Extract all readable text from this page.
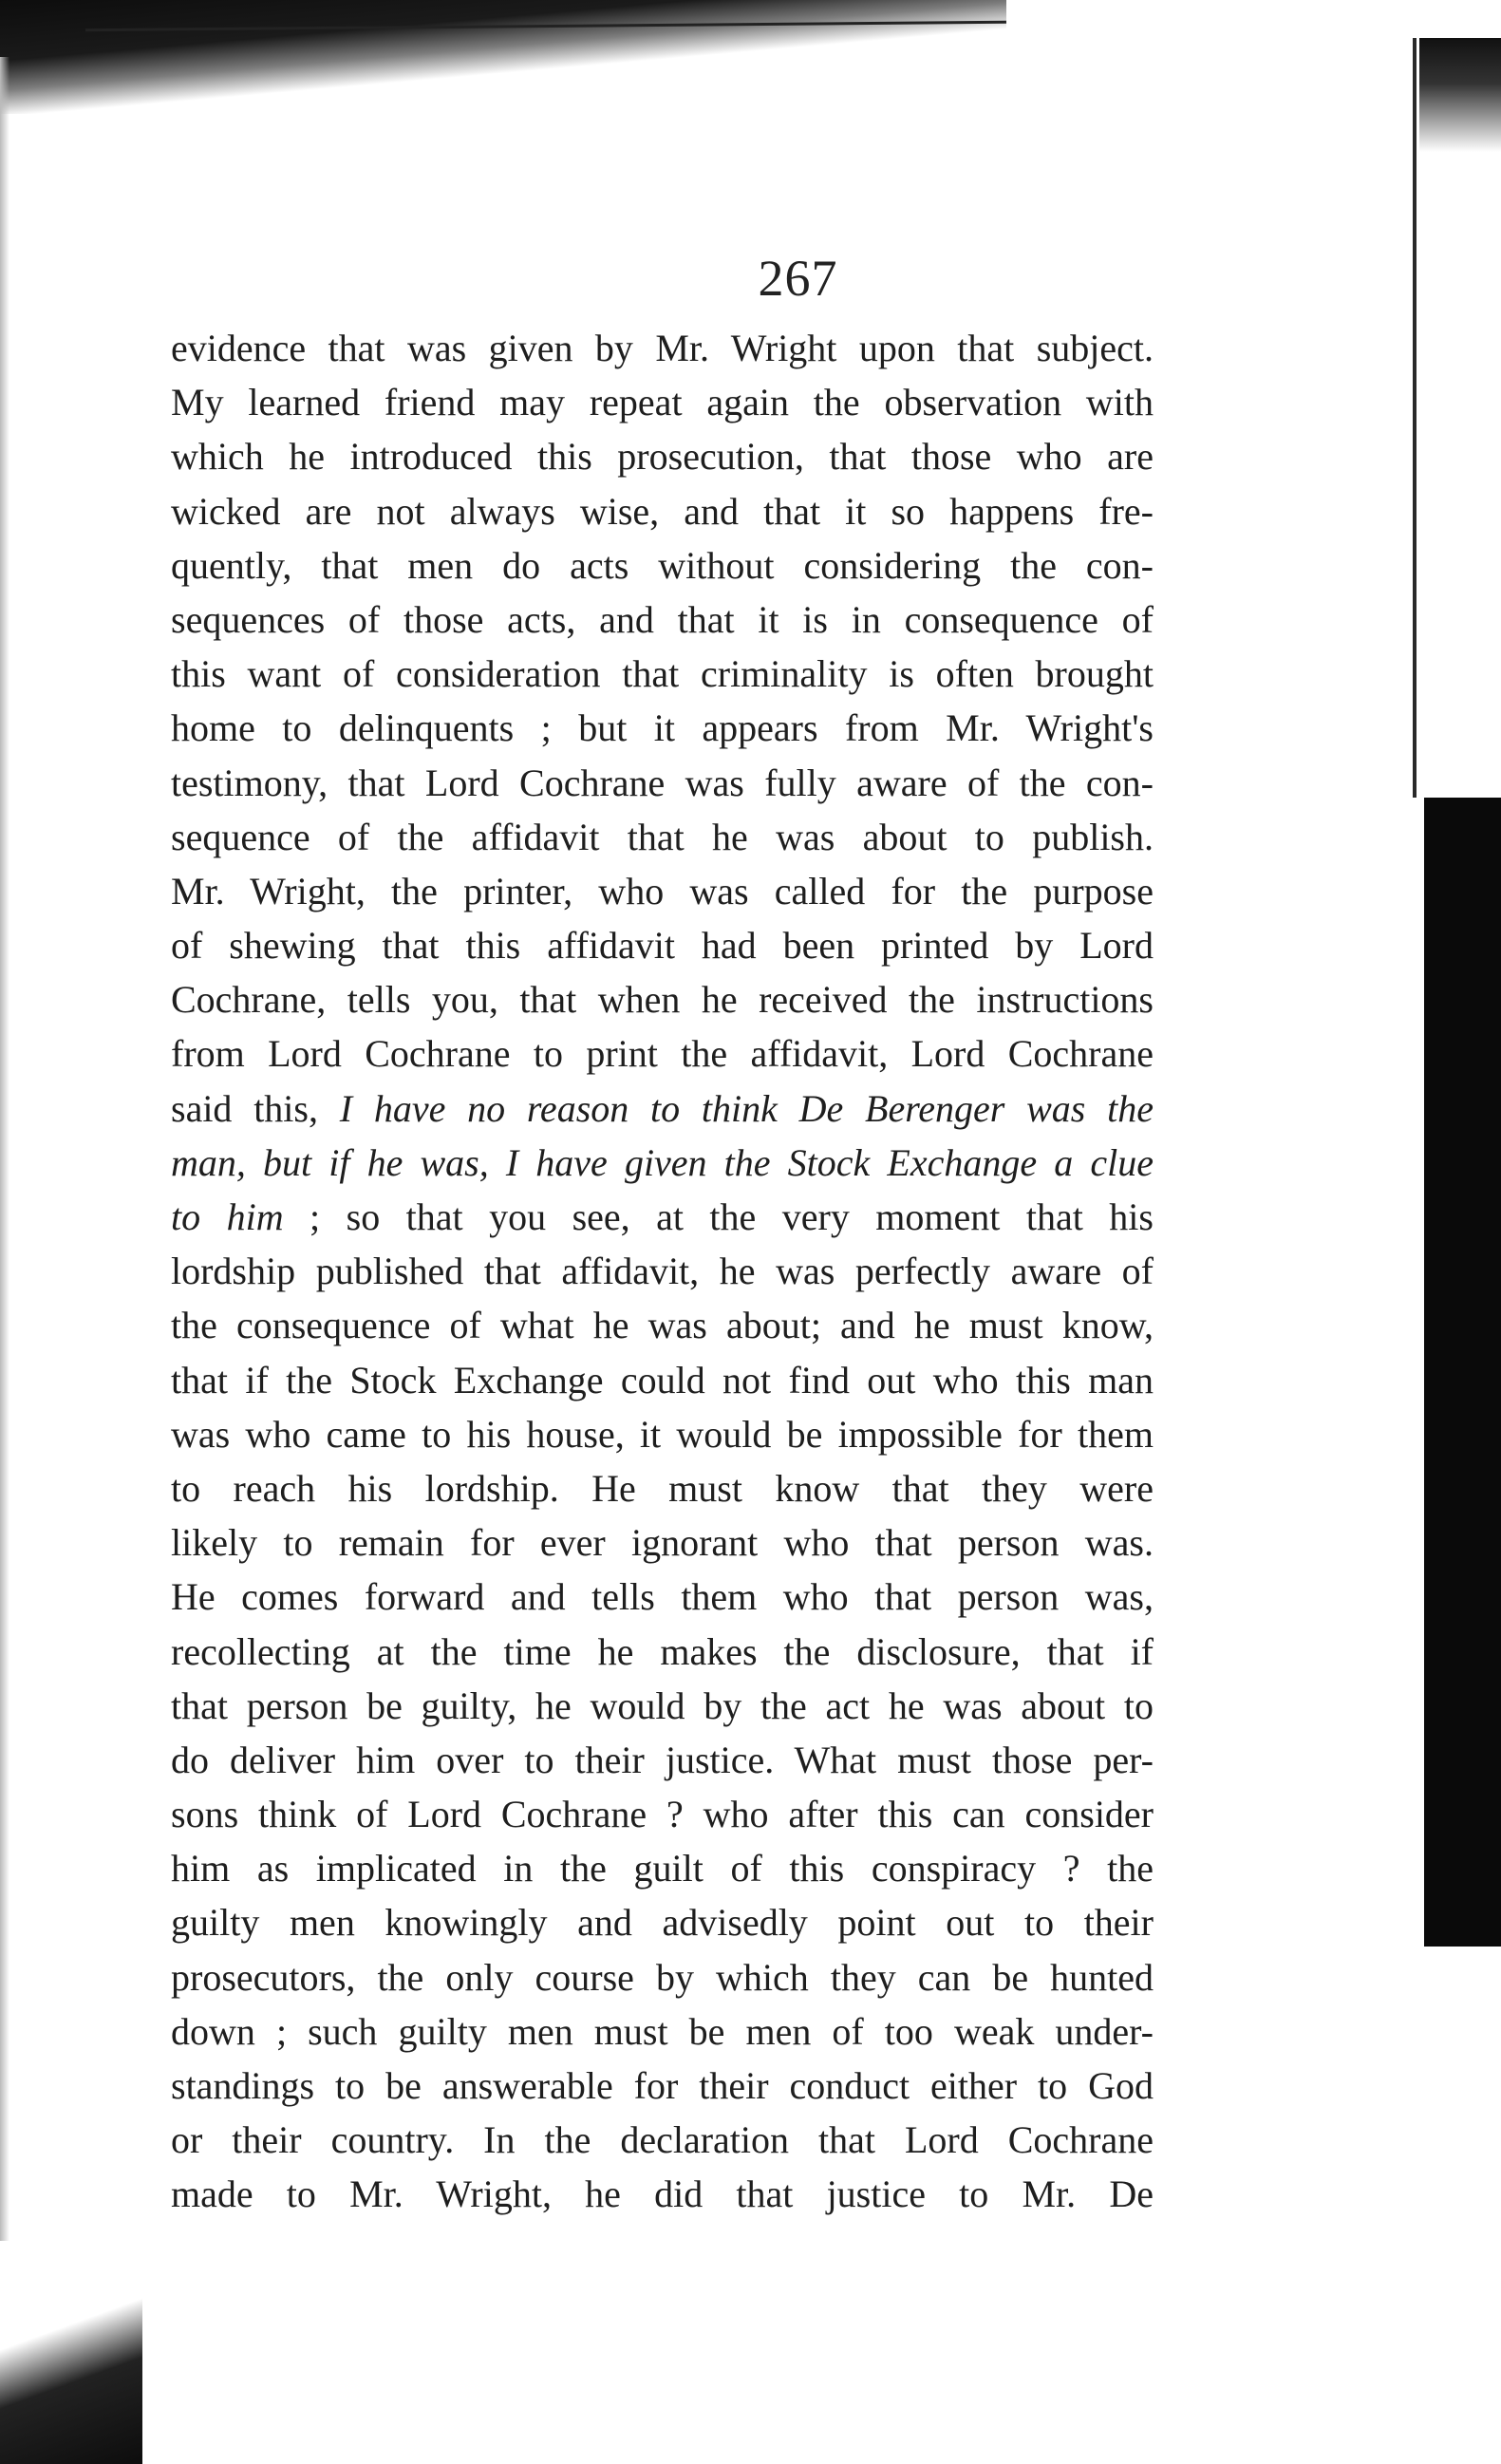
267
evidence that was given by Mr. Wright upon that subject.
My learned friend may repeat again the observation with
which he introduced this prosecution, that those who are
wicked are not always wise, and that it so happens fre-
quently, that men do acts without considering the con-
sequences of those acts, and that it is in consequence of
this want of consideration that criminality is often brought
home to delinquents ; but it appears from Mr. Wright's
testimony, that Lord Cochrane was fully aware of the con-
sequence of the affidavit that he was about to publish.
Mr. Wright, the printer, who was called for the purpose
of shewing that this affidavit had been printed by Lord
Cochrane, tells you, that when he received the instructions
from Lord Cochrane to print the affidavit, Lord Cochrane
said this, I have no reason to think De Berenger was the
man, but if he was, I have given the Stock Exchange a clue
to him ; so that you see, at the very moment that his
lordship published that affidavit, he was perfectly aware of
the consequence of what he was about; and he must know,
that if the Stock Exchange could not find out who this man
was who came to his house, it would be impossible for them
to reach his lordship. He must know that they were
likely to remain for ever ignorant who that person was.
He comes forward and tells them who that person was,
recollecting at the time he makes the disclosure, that if
that person be guilty, he would by the act he was about to
do deliver him over to their justice. What must those per-
sons think of Lord Cochrane ? who after this can consider
him as implicated in the guilt of this conspiracy ? the
guilty men knowingly and advisedly point out to their
prosecutors, the only course by which they can be hunted
down ; such guilty men must be men of too weak under-
standings to be answerable for their conduct either to God
or their country. In the declaration that Lord Cochrane
made to Mr. Wright, he did that justice to Mr. De
